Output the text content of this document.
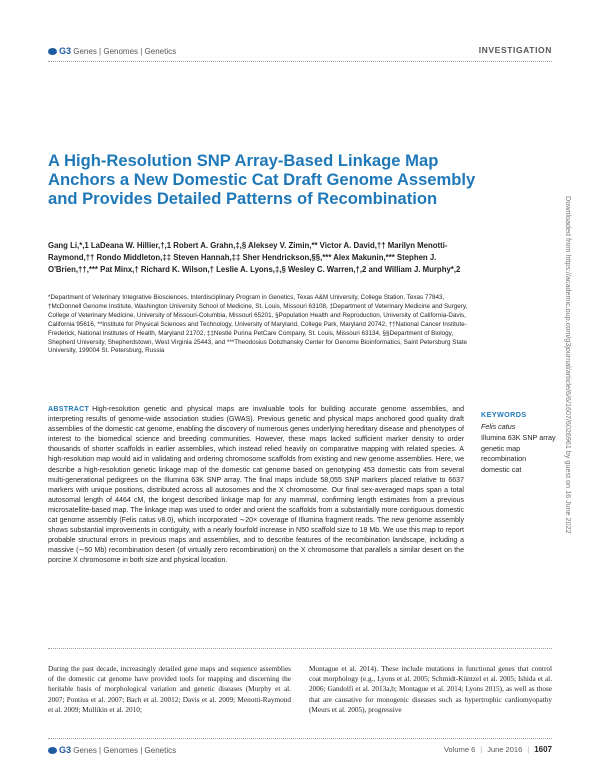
G3 Genes | Genomes | Genetics	INVESTIGATION
A High-Resolution SNP Array-Based Linkage Map Anchors a New Domestic Cat Draft Genome Assembly and Provides Detailed Patterns of Recombination

Gang Li,*,1 LaDeana W. Hillier,†,1 Robert A. Grahn,‡,§ Aleksey V. Zimin,** Victor A. David,†† Marilyn Menotti-Raymond,†† Rondo Middleton,‡‡ Steven Hannah,‡‡ Sher Hendrickson,§§,*** Alex Makunin,*** Stephen J. O'Brien,††,*** Pat Minx,† Richard K. Wilson,† Leslie A. Lyons,‡,§ Wesley C. Warren,†,2 and William J. Murphy*,2

*Department of Veterinary Integrative Biosciences, Interdisciplinary Program in Genetics, Texas A&M University, College Station, Texas 77843, †McDonnell Genome Institute, Washington University School of Medicine, St. Louis, Missouri 63108, ‡Department of Veterinary Medicine and Surgery, College of Veterinary Medicine, University of Missouri-Columbia, Missouri 65201, §Population Health and Reproduction, University of California-Davis, California 95616, **Institute for Physical Sciences and Technology, University of Maryland, College Park, Maryland 20742, ††National Cancer Institute-Frederick, National Institutes of Health, Maryland 21702, ‡‡Nestlé Purina PetCare Company, St. Louis, Missouri 63134, §§Department of Biology, Shepherd University, Shepherdstown, West Virginia 25443, and ***Theodosius Dobzhansky Center for Genome Bioinformatics, Saint Petersburg State University, 199004 St. Petersburg, Russia	Downloaded from https://academic.oup.com/g3journal/article/6/6/1607/6026961 by guest on 16 June 2022

ABSTRACT High-resolution genetic and physical maps are invaluable tools for building accurate genome assemblies, and interpreting results of genome-wide association studies (GWAS). Previous genetic and physical maps anchored good quality draft assemblies of the domestic cat genome, enabling the discovery of numerous genes underlying hereditary disease and phenotypes of interest to the biomedical science and breeding communities. However, these maps lacked sufficient marker density to order thousands of shorter scaffolds in earlier assemblies, which instead relied heavily on comparative mapping with related species. A high-resolution map would aid in validating and ordering chromosome scaffolds from existing and new genome assemblies. Here, we describe a high-resolution genetic linkage map of the domestic cat genome based on genotyping 453 domestic cats from several multi-generational pedigrees on the Illumina 63K SNP array. The final maps include 58,055 SNP markers placed relative to 6637 markers with unique positions, distributed across all autosomes and the X chromosome. Our final sex-averaged maps span a total autosomal length of 4464 cM, the longest described linkage map for any mammal, confirming length estimates from a previous microsatellite-based map. The linkage map was used to order and orient the scaffolds from a substantially more contiguous domestic cat genome assembly (Felis catus v8.0), which incorporated ∼20× coverage of Illumina fragment reads. The new genome assembly shows substantial improvements in contiguity, with a nearly fourfold increase in N50 scaffold size to 18 Mb. We use this map to report probable structural errors in previous maps and assemblies, and to describe features of the recombination landscape, including a massive (∼50 Mb) recombination desert (of virtually zero recombination) on the X chromosome that parallels a similar desert on the porcine X chromosome in both size and physical location.

KEYWORDS
Felis catus
Illumina 63K SNP array
genetic map
recombination
domestic cat

During the past decade, increasingly detailed gene maps and sequence assemblies of the domestic cat genome have provided tools for mapping and discerning the heritable basis of morphological variation and genetic diseases (Murphy et al. 2007; Pontius et al. 2007; Bach et al. 20012; Davis et al. 2009; Menotti-Raymond et al. 2009; Mullikin et al. 2010;

Montague et al. 2014). These include mutations in functional genes that control coat morphology (e.g., Lyons et al. 2005; Schmidt-Küntzel et al. 2005; Ishida et al. 2006; Gandolfi et al. 2013a,b; Montague et al. 2014; Lyons 2015), as well as those that are causative for monogenic diseases such as hypertrophic cardiomyopathy (Meurs et al. 2005), progressive

G3 Genes | Genomes | Genetics	Volume 6 | June 2016 | 1607
